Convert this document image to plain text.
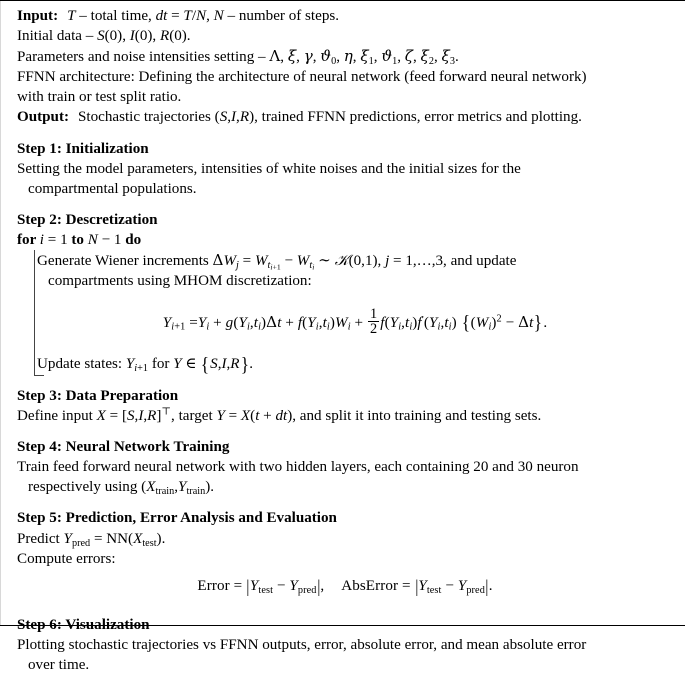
Input: T – total time, dt = T/N, N – number of steps.
Initial data – S(0), I(0), R(0).
Parameters and noise intensities setting – Λ, ξ, γ, $ϑ_0$, η, $\xi_1$, $ϑ_1$, ζ, $\xi_2$, $\xi_3$.
FFNN architecture: Defining the architecture of neural network (feed forward neural network)
with train or test split ratio.
Output: Stochastic trajectories (S,I,R), trained FFNN predictions, error metrics and plotting.
Step 1: Initialization
Setting the model parameters, intensities of white noises and the initial sizes for the
compartmental populations.
Step 2: Descretization
for i = 1 to N − 1 do
Generate Wiener increments $\Delta W_j = W_{ti+1} - W_{ti}$ ∼ 𝒦(0,1), j = 1,…,3, and update
compartments using MHOM discretization:
$Y_{i+1} =Y_i + g(Y_i,t_i)\Delta t + f(Y_i,t_i)W_i + \frac{1}{2} f(Y_i,t_i)f'(Y_i,t_i) \{(W_i)^2 - \Delta t\}$.
Update states: $Y_{i+1}$ for Y ∈ {S,I,R}.
Step 3: Data Preparation
Define input X = [S,I,R]⊤, target Y = X(t + dt), and split it into training and testing sets.
Step 4: Neural Network Training
Train feed forward neural network with two hidden layers, each containing 20 and 30 neuron
respectively using $(X_{train},Y_{train})$.
Step 5: Prediction, Error Analysis and Evaluation
Predict $Y_{pred} = NN(X_{test})$.
Compute errors:
Error = $|Y_{test} - Y_{pred}|$, AbsError = $|Y_{test} - Y_{pred}|$.
Step 6: Visualization
Plotting stochastic trajectories vs FFNN outputs, error, absolute error, and mean absolute error
over time.
